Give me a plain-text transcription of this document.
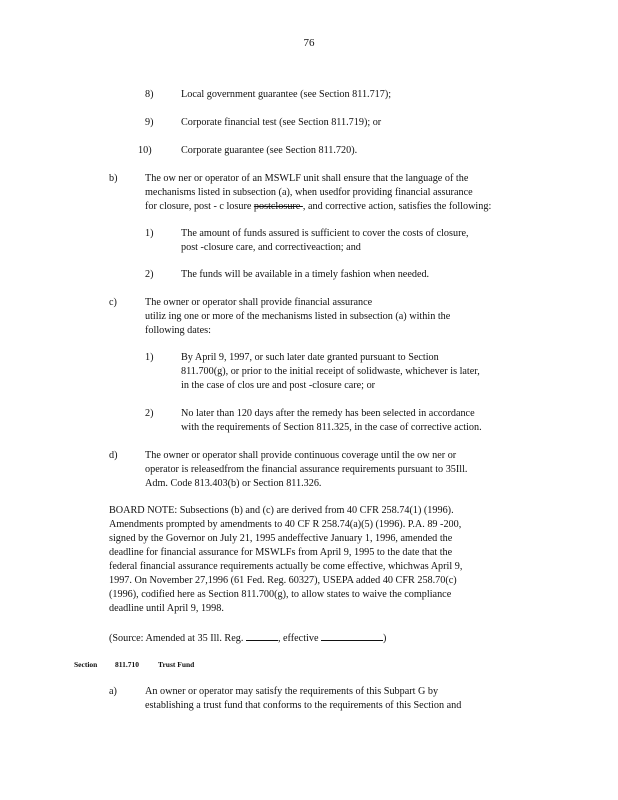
76
8)	Local government guarantee (see Section 811.717);
9)	Corporate financial test (see Section 811.719); or
10)	Corporate guarantee (see Section 811.720).
b)	The ow ner or operator of an MSWLF unit shall ensure that the language of the
mechanisms listed in subsection (a), when usedfor providing financial assurance
for closure, post - c losure postclosure , and corrective action, satisfies the following:
1)	The amount of funds assured is sufficient to cover the costs of closure,
post -closure care, and correctiveaction; and
2)	The funds will be available in a timely fashion when needed.
c)	The owner or operator shall provide financial assurance
utiliz ing one or more of the mechanisms listed in subsection (a) within the
following dates:
1)	By April 9, 1997, or such later date granted pursuant to Section
811.700(g), or prior to the initial receipt of solidwaste, whichever is later,
in the case of clos ure and post -closure care; or
2)	No later than 120 days after the remedy has been selected in accordance
with the requirements of Section 811.325, in the case of corrective action.
d)	The owner or operator shall provide continuous coverage until the ow ner or
operator is releasedfrom the financial assurance requirements pursuant to 35Ill.
Adm. Code 813.403(b) or Section 811.326.
BOARD NOTE: Subsections (b) and (c) are derived from 40 CFR 258.74(1) (1996).
Amendments prompted by amendments to 40 CF R 258.74(a)(5) (1996). P.A. 89 -200,
signed by the Governor on July 21, 1995 andeffective January 1, 1996, amended the
deadline for financial assurance for MSWLFs from April 9, 1995 to the date that the
federal financial assurance requirements actually be come effective, whichwas April 9,
1997. On November 27,1996 (61 Fed. Reg. 60327), USEPA added 40 CFR 258.70(c)
(1996), codified here as Section 811.700(g), to allow states to waive the compliance
deadline until April 9, 1998.
(Source: Amended at 35 Ill. Reg.	, effective	)
Section 811.710	Trust Fund
a)	An owner or operator may satisfy the requirements of this Subpart G by
establishing a trust fund that conforms to the requirements of this Section and
